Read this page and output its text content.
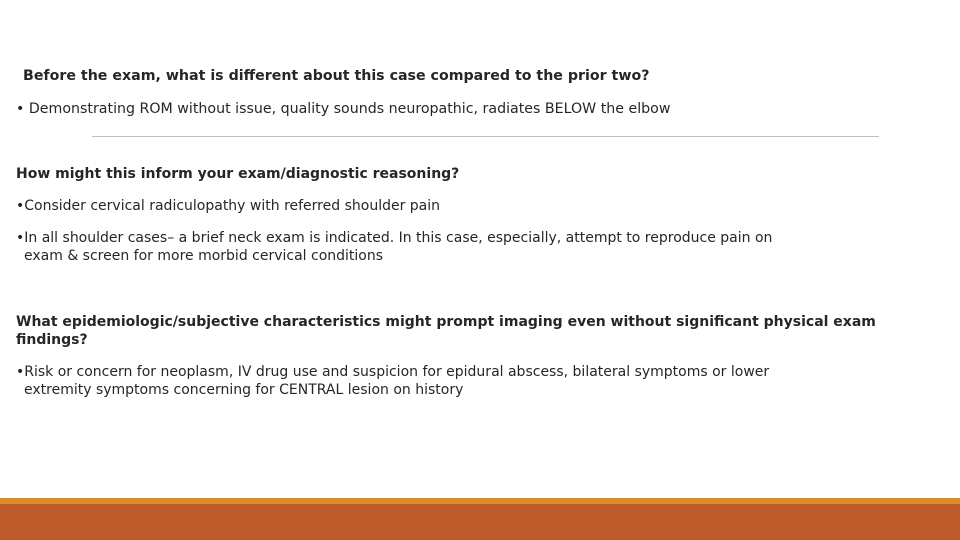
Before the exam, what is different about this case compared to the prior two?

• Demonstrating ROM without issue, quality sounds neuropathic, radiates BELOW the elbow

How might this inform your exam/diagnostic reasoning?

•Consider cervical radiculopathy with referred shoulder pain

•In all shoulder cases– a brief neck exam is indicated. In this case, especially, attempt to reproduce pain on
exam & screen for more morbid cervical conditions
What epidemiologic/subjective characteristics might prompt imaging even without significant physical exam
findings?
•Risk or concern for neoplasm, IV drug use and suspicion for epidural abscess, bilateral symptoms or lower
extremity symptoms concerning for CENTRAL lesion on history
